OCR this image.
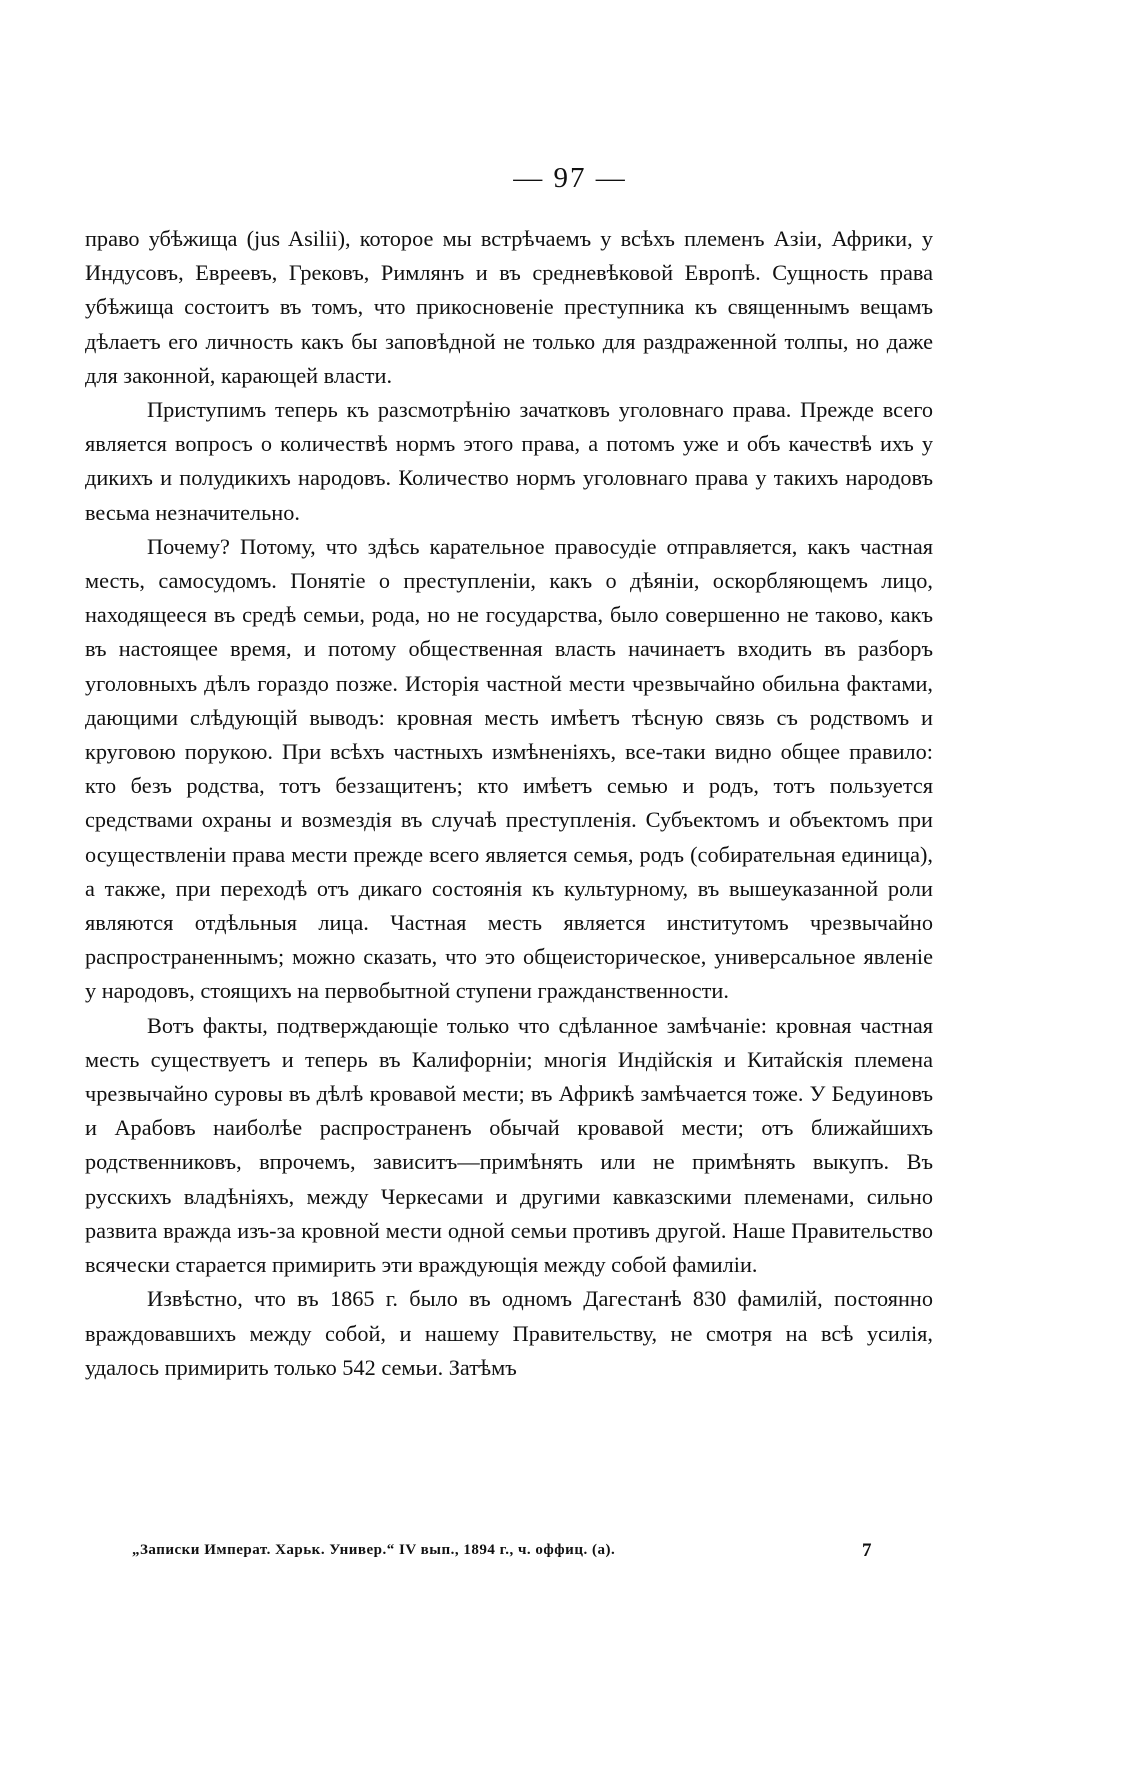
— 97 —

право убѣжища (jus Asilii), которое мы встрѣчаемъ у всѣхъ племенъ Азіи, Африки, у Индусовъ, Евреевъ, Грековъ, Римлянъ и въ средневѣковой Европѣ. Сущность права убѣжища состоитъ въ томъ, что прикосновеніе преступника къ священнымъ вещамъ дѣлаетъ его личность какъ бы заповѣдной не только для раздраженной толпы, но даже для законной, карающей власти.

Приступимъ теперь къ разсмотрѣнію зачатковъ уголовнаго права. Прежде всего является вопросъ о количествѣ нормъ этого права, а потомъ уже и объ качествѣ ихъ у дикихъ и полудикихъ народовъ. Количество нормъ уголовнаго права у такихъ народовъ весьма незначительно.

Почему? Потому, что здѣсь карательное правосудіе отправляется, какъ частная месть, самосудомъ. Понятіе о преступленіи, какъ о дѣяніи, оскорбляющемъ лицо, находящееся въ средѣ семьи, рода, но не государства, было совершенно не таково, какъ въ настоящее время, и потому общественная власть начинаетъ входить въ разборъ уголовныхъ дѣлъ гораздо позже. Исторія частной мести чрезвычайно обильна фактами, дающими слѣдующій выводъ: кровная месть имѣетъ тѣсную связь съ родствомъ и круговою порукою. При всѣхъ частныхъ измѣненіяхъ, все-таки видно общее правило: кто безъ родства, тотъ беззащитенъ; кто имѣетъ семью и родъ, тотъ пользуется средствами охраны и возмездія въ случаѣ преступленія. Субъектомъ и объектомъ при осуществленіи права мести прежде всего является семья, родъ (собирательная единица), а также, при переходѣ отъ дикаго состоянія къ культурному, въ вышеуказанной роли являются отдѣльныя лица. Частная месть является институтомъ чрезвычайно распространеннымъ; можно сказать, что это общеисторическое, универсальное явленіе у народовъ, стоящихъ на первобытной ступени гражданственности.

Вотъ факты, подтверждающіе только что сдѣланное замѣчаніе: кровная частная месть существуетъ и теперь въ Калифорніи; многія Индійскія и Китайскія племена чрезвычайно суровы въ дѣлѣ кровавой мести; въ Африкѣ замѣчается тоже. У Бедуиновъ и Арабовъ наиболѣе распространенъ обычай кровавой мести; отъ ближайшихъ родственниковъ, впрочемъ, зависитъ—примѣнять или не примѣнять выкупъ. Въ русскихъ владѣніяхъ, между Черкесами и другими кавказскими племенами, сильно развита вражда изъ-за кровной мести одной семьи противъ другой. Наше Правительство всячески старается примирить эти враждующія между собой фамиліи.

Извѣстно, что въ 1865 г. было въ одномъ Дагестанѣ 830 фамилій, постоянно враждовавшихъ между собой, и нашему Правительству, не смотря на всѣ усилія, удалось примирить только 542 семьи. Затѣмъ

„Записки Императ. Харьк. Универ.“ IV вып., 1894 г., ч. оффиц. (а).	7
